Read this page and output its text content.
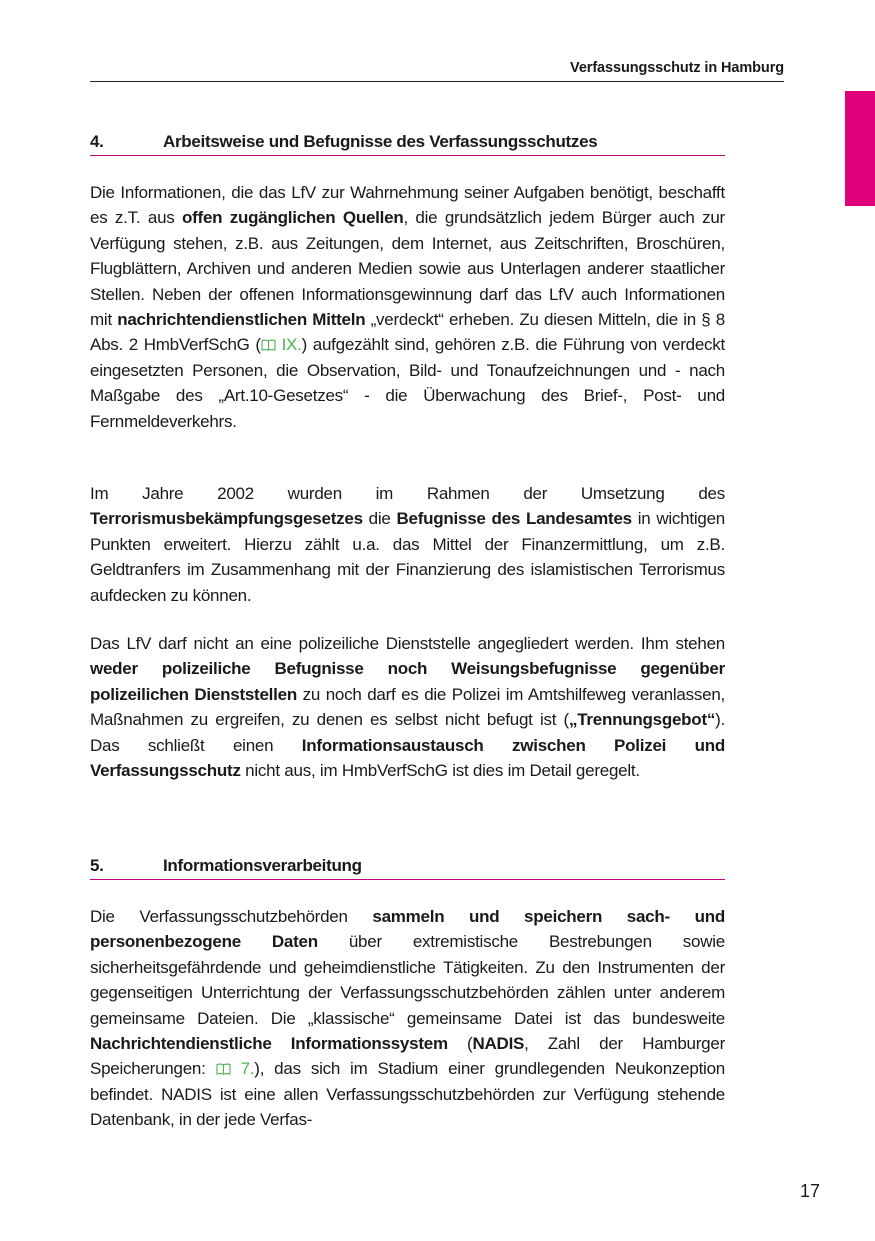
Verfassungsschutz in Hamburg
4.	Arbeitsweise und Befugnisse des Verfassungsschutzes

Die Informationen, die das LfV zur Wahrnehmung seiner Aufgaben benötigt, beschafft es z.T. aus offen zugänglichen Quellen, die grundsätzlich jedem Bürger auch zur Verfügung stehen, z.B. aus Zeitungen, dem Internet, aus Zeitschriften, Broschüren, Flugblättern, Archiven und anderen Medien sowie aus Unterlagen anderer staatlicher Stellen. Neben der offenen Informationsgewinnung darf das LfV auch Informationen mit nachrichtendienstlichen Mitteln „verdeckt“ erheben. Zu diesen Mitteln, die in § 8 Abs. 2 HmbVerfSchG ( IX.) aufgezählt sind, gehören z.B. die Führung von verdeckt eingesetzten Personen, die Observation, Bild- und Tonaufzeichnungen und - nach Maßgabe des „Art.10-Gesetzes“ - die Überwachung des Brief-, Post- und Fernmeldeverkehrs.

Im Jahre 2002 wurden im Rahmen der Umsetzung des Terrorismusbekämpfungsgesetzes die Befugnisse des Landesamtes in wichtigen Punkten erweitert. Hierzu zählt u.a. das Mittel der Finanzermittlung, um z.B. Geldtranfers im Zusammenhang mit der Finanzierung des islamistischen Terrorismus aufdecken zu können.

Das LfV darf nicht an eine polizeiliche Dienststelle angegliedert werden. Ihm stehen weder polizeiliche Befugnisse noch Weisungsbefugnisse gegenüber polizeilichen Dienststellen zu noch darf es die Polizei im Amtshilfeweg veranlassen, Maßnahmen zu ergreifen, zu denen es selbst nicht befugt ist („Trennungsgebot“). Das schließt einen Informationsaustausch zwischen Polizei und Verfassungsschutz nicht aus, im HmbVerfSchG ist dies im Detail geregelt.

5.	Informationsverarbeitung

Die Verfassungsschutzbehörden sammeln und speichern sach- und personenbezogene Daten über extremistische Bestrebungen sowie sicherheitsgefährdende und geheimdienstliche Tätigkeiten. Zu den Instrumenten der gegenseitigen Unterrichtung der Verfassungsschutzbehörden zählen unter anderem gemeinsame Dateien. Die „klassische“ gemeinsame Datei ist das bundesweite Nachrichtendienstliche Informationssystem (NADIS, Zahl der Hamburger Speicherungen:  7.), das sich im Stadium einer grundlegenden Neukonzeption befindet. NADIS ist eine allen Verfassungsschutzbehörden zur Verfügung stehende Datenbank, in der jede Verfas-

17
